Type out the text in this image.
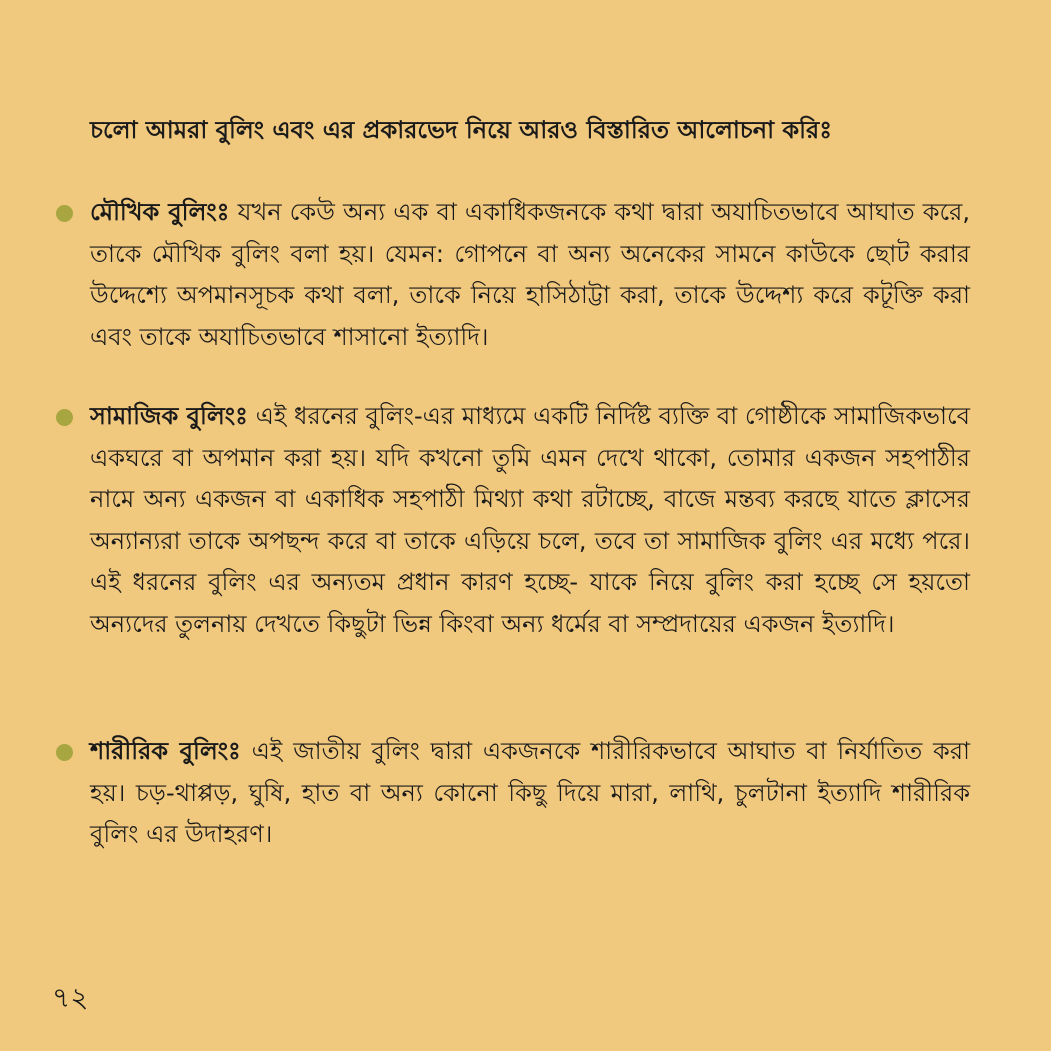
চলো আমরা বুলিং এবং এর প্রকারভেদ নিয়ে আরও বিস্তারিত আলোচনা করিঃ
মৌখিক বুলিংঃ যখন কেউ অন্য এক বা একাধিকজনকে কথা দ্বারা অযাচিতভাবে আঘাত করে, তাকে মৌখিক বুলিং বলা হয়। যেমন: গোপনে বা অন্য অনেকের সামনে কাউকে ছোট করার উদ্দেশ্যে অপমানসূচক কথা বলা, তাকে নিয়ে হাসিঠাট্টা করা, তাকে উদ্দেশ্য করে কটূক্তি করা এবং তাকে অযাচিতভাবে শাসানো ইত্যাদি।
সামাজিক বুলিংঃ এই ধরনের বুলিং-এর মাধ্যমে একটি নির্দিষ্ট ব্যক্তি বা গোষ্ঠীকে সামাজিকভাবে একঘরে বা অপমান করা হয়। যদি কখনো তুমি এমন দেখে থাকো, তোমার একজন সহপাঠীর নামে অন্য একজন বা একাধিক সহপাঠী মিথ্যা কথা রটাচ্ছে, বাজে মন্তব্য করছে যাতে ক্লাসের অন্যান্যরা তাকে অপছন্দ করে বা তাকে এড়িয়ে চলে, তবে তা সামাজিক বুলিং এর মধ্যে পরে। এই ধরনের বুলিং এর অন্যতম প্রধান কারণ হচ্ছে- যাকে নিয়ে বুলিং করা হচ্ছে সে হয়তো অন্যদের তুলনায় দেখতে কিছুটা ভিন্ন কিংবা অন্য ধর্মের বা সম্প্রদায়ের একজন ইত্যাদি।
শারীরিক বুলিংঃ এই জাতীয় বুলিং দ্বারা একজনকে শারীরিকভাবে আঘাত বা নির্যাতিত করা হয়। চড়-থাপ্পড়, ঘুষি, হাত বা অন্য কোনো কিছু দিয়ে মারা, লাথি, চুলটানা ইত্যাদি শারীরিক বুলিং এর উদাহরণ।
৭২
